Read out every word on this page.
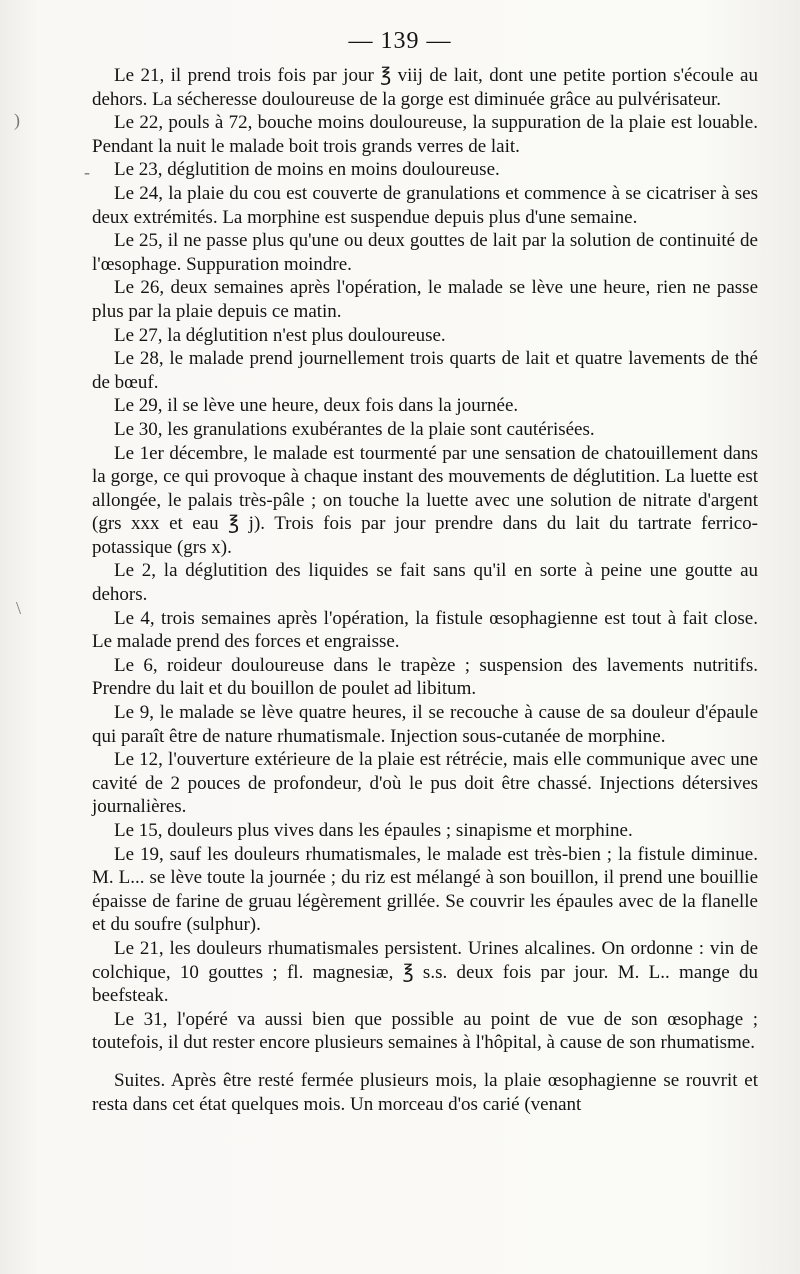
)
-
\
— 139 —

Le 21, il prend trois fois par jour ℥ viij de lait, dont une petite portion s'écoule au dehors. La sécheresse douloureuse de la gorge est diminuée grâce au pulvérisateur.

Le 22, pouls à 72, bouche moins douloureuse, la suppuration de la plaie est louable. Pendant la nuit le malade boit trois grands verres de lait.

Le 23, déglutition de moins en moins douloureuse.

Le 24, la plaie du cou est couverte de granulations et commence à se cicatriser à ses deux extrémités. La morphine est suspendue depuis plus d'une semaine.

Le 25, il ne passe plus qu'une ou deux gouttes de lait par la solution de continuité de l'œsophage. Suppuration moindre.

Le 26, deux semaines après l'opération, le malade se lève une heure, rien ne passe plus par la plaie depuis ce matin.

Le 27, la déglutition n'est plus douloureuse.

Le 28, le malade prend journellement trois quarts de lait et quatre lavements de thé de bœuf.

Le 29, il se lève une heure, deux fois dans la journée.

Le 30, les granulations exubérantes de la plaie sont cautérisées.

Le 1er décembre, le malade est tourmenté par une sensation de chatouillement dans la gorge, ce qui provoque à chaque instant des mouvements de déglutition. La luette est allongée, le palais très-pâle ; on touche la luette avec une solution de nitrate d'argent (grs xxx et eau ℥ j). Trois fois par jour prendre dans du lait du tartrate ferrico-potassique (grs x).

Le 2, la déglutition des liquides se fait sans qu'il en sorte à peine une goutte au dehors.

Le 4, trois semaines après l'opération, la fistule œsophagienne est tout à fait close. Le malade prend des forces et engraisse.

Le 6, roideur douloureuse dans le trapèze ; suspension des lavements nutritifs. Prendre du lait et du bouillon de poulet ad libitum.

Le 9, le malade se lève quatre heures, il se recouche à cause de sa douleur d'épaule qui paraît être de nature rhumatismale. Injection sous-cutanée de morphine.

Le 12, l'ouverture extérieure de la plaie est rétrécie, mais elle communique avec une cavité de 2 pouces de profondeur, d'où le pus doit être chassé. Injections détersives journalières.

Le 15, douleurs plus vives dans les épaules ; sinapisme et morphine.

Le 19, sauf les douleurs rhumatismales, le malade est très-bien ; la fistule diminue. M. L... se lève toute la journée ; du riz est mélangé à son bouillon, il prend une bouillie épaisse de farine de gruau légèrement grillée. Se couvrir les épaules avec de la flanelle et du soufre (sulphur).

Le 21, les douleurs rhumatismales persistent. Urines alcalines. On ordonne : vin de colchique, 10 gouttes ; fl. magnesiæ, ℥ s.s. deux fois par jour. M. L.. mange du beefsteak.

Le 31, l'opéré va aussi bien que possible au point de vue de son œsophage ; toutefois, il dut rester encore plusieurs semaines à l'hôpital, à cause de son rhumatisme.

Suites. Après être resté fermée plusieurs mois, la plaie œsophagienne se rouvrit et resta dans cet état quelques mois. Un morceau d'os carié (venant
